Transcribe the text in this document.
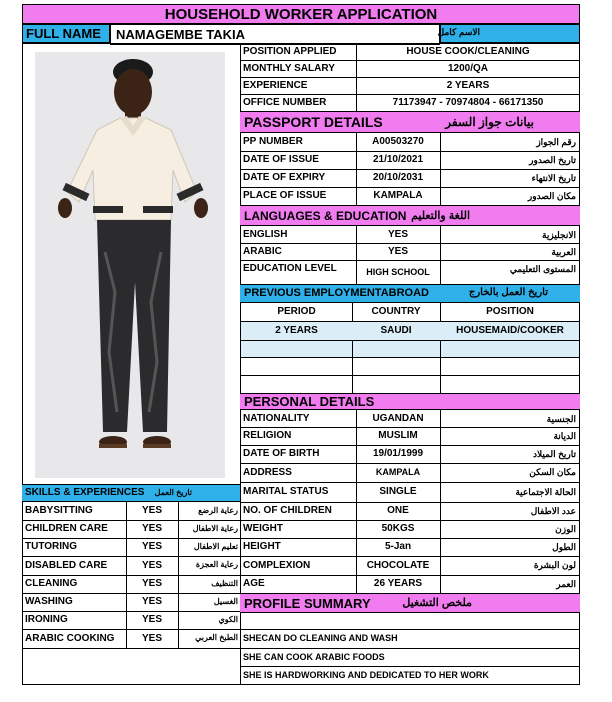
HOUSEHOLD WORKER APPLICATION
FULL NAME	NAMAGEMBE TAKIA	الاسم كامل
POSITION APPLIED	HOUSE COOK/CLEANING
MONTHLY SALARY	1200/QA
EXPERIENCE	2 YEARS
OFFICE NUMBER	71173947 - 70974804 - 66171350
PASSPORT DETAILS	بيانات جواز السفر
PP NUMBER	A00503270	رقم الجواز
DATE OF ISSUE	21/10/2021	تاريخ الصدور
DATE OF EXPIRY	20/10/2031	تاريخ الانتهاء
PLACE OF ISSUE	KAMPALA	مكان الصدور
LANGUAGES & EDUCATION اللغة والتعليم
ENGLISH	YES	الانجليزية
ARABIC	YES	العربية
EDUCATION LEVEL	HIGH SCHOOL	المستوى التعليمي
PREVIOUS EMPLOYMENTABROAD	تاريخ العمل بالخارج
PERIOD	COUNTRY	POSITION
2 YEARS	SAUDI	HOUSEMAID/COOKER
PERSONAL DETAILS
NATIONALITY	UGANDAN	الجنسية
RELIGION	MUSLIM	الديانة
DATE OF BIRTH	19/01/1999	تاريخ الميلاد
ADDRESS	KAMPALA	مكان السكن
MARITAL STATUS	SINGLE	الحالة الاجتماعية
NO. OF CHILDREN	ONE	عدد الاطفال
WEIGHT	50KGS	الوزن
HEIGHT	5-Jan	الطول
COMPLEXION	CHOCOLATE	لون البشرة
AGE	26 YEARS	العمر
SKILLS & EXPERIENCES	تاريخ العمل
BABYSITTING	YES	رعاية الرضع
CHILDREN CARE	YES	رعاية الاطفال
TUTORING	YES	تعليم الاطفال
DISABLED CARE	YES	رعاية العجزة
CLEANING	YES	التنظيف
WASHING	YES	الغسيل
IRONING	YES	الكوي
ARABIC COOKING	YES	الطبخ العربي
PROFILE SUMMARY	ملخص التشغيل
SHECAN DO CLEANING AND WASH
SHE CAN COOK ARABIC FOODS
SHE IS HARDWORKING AND DEDICATED TO HER WORK
